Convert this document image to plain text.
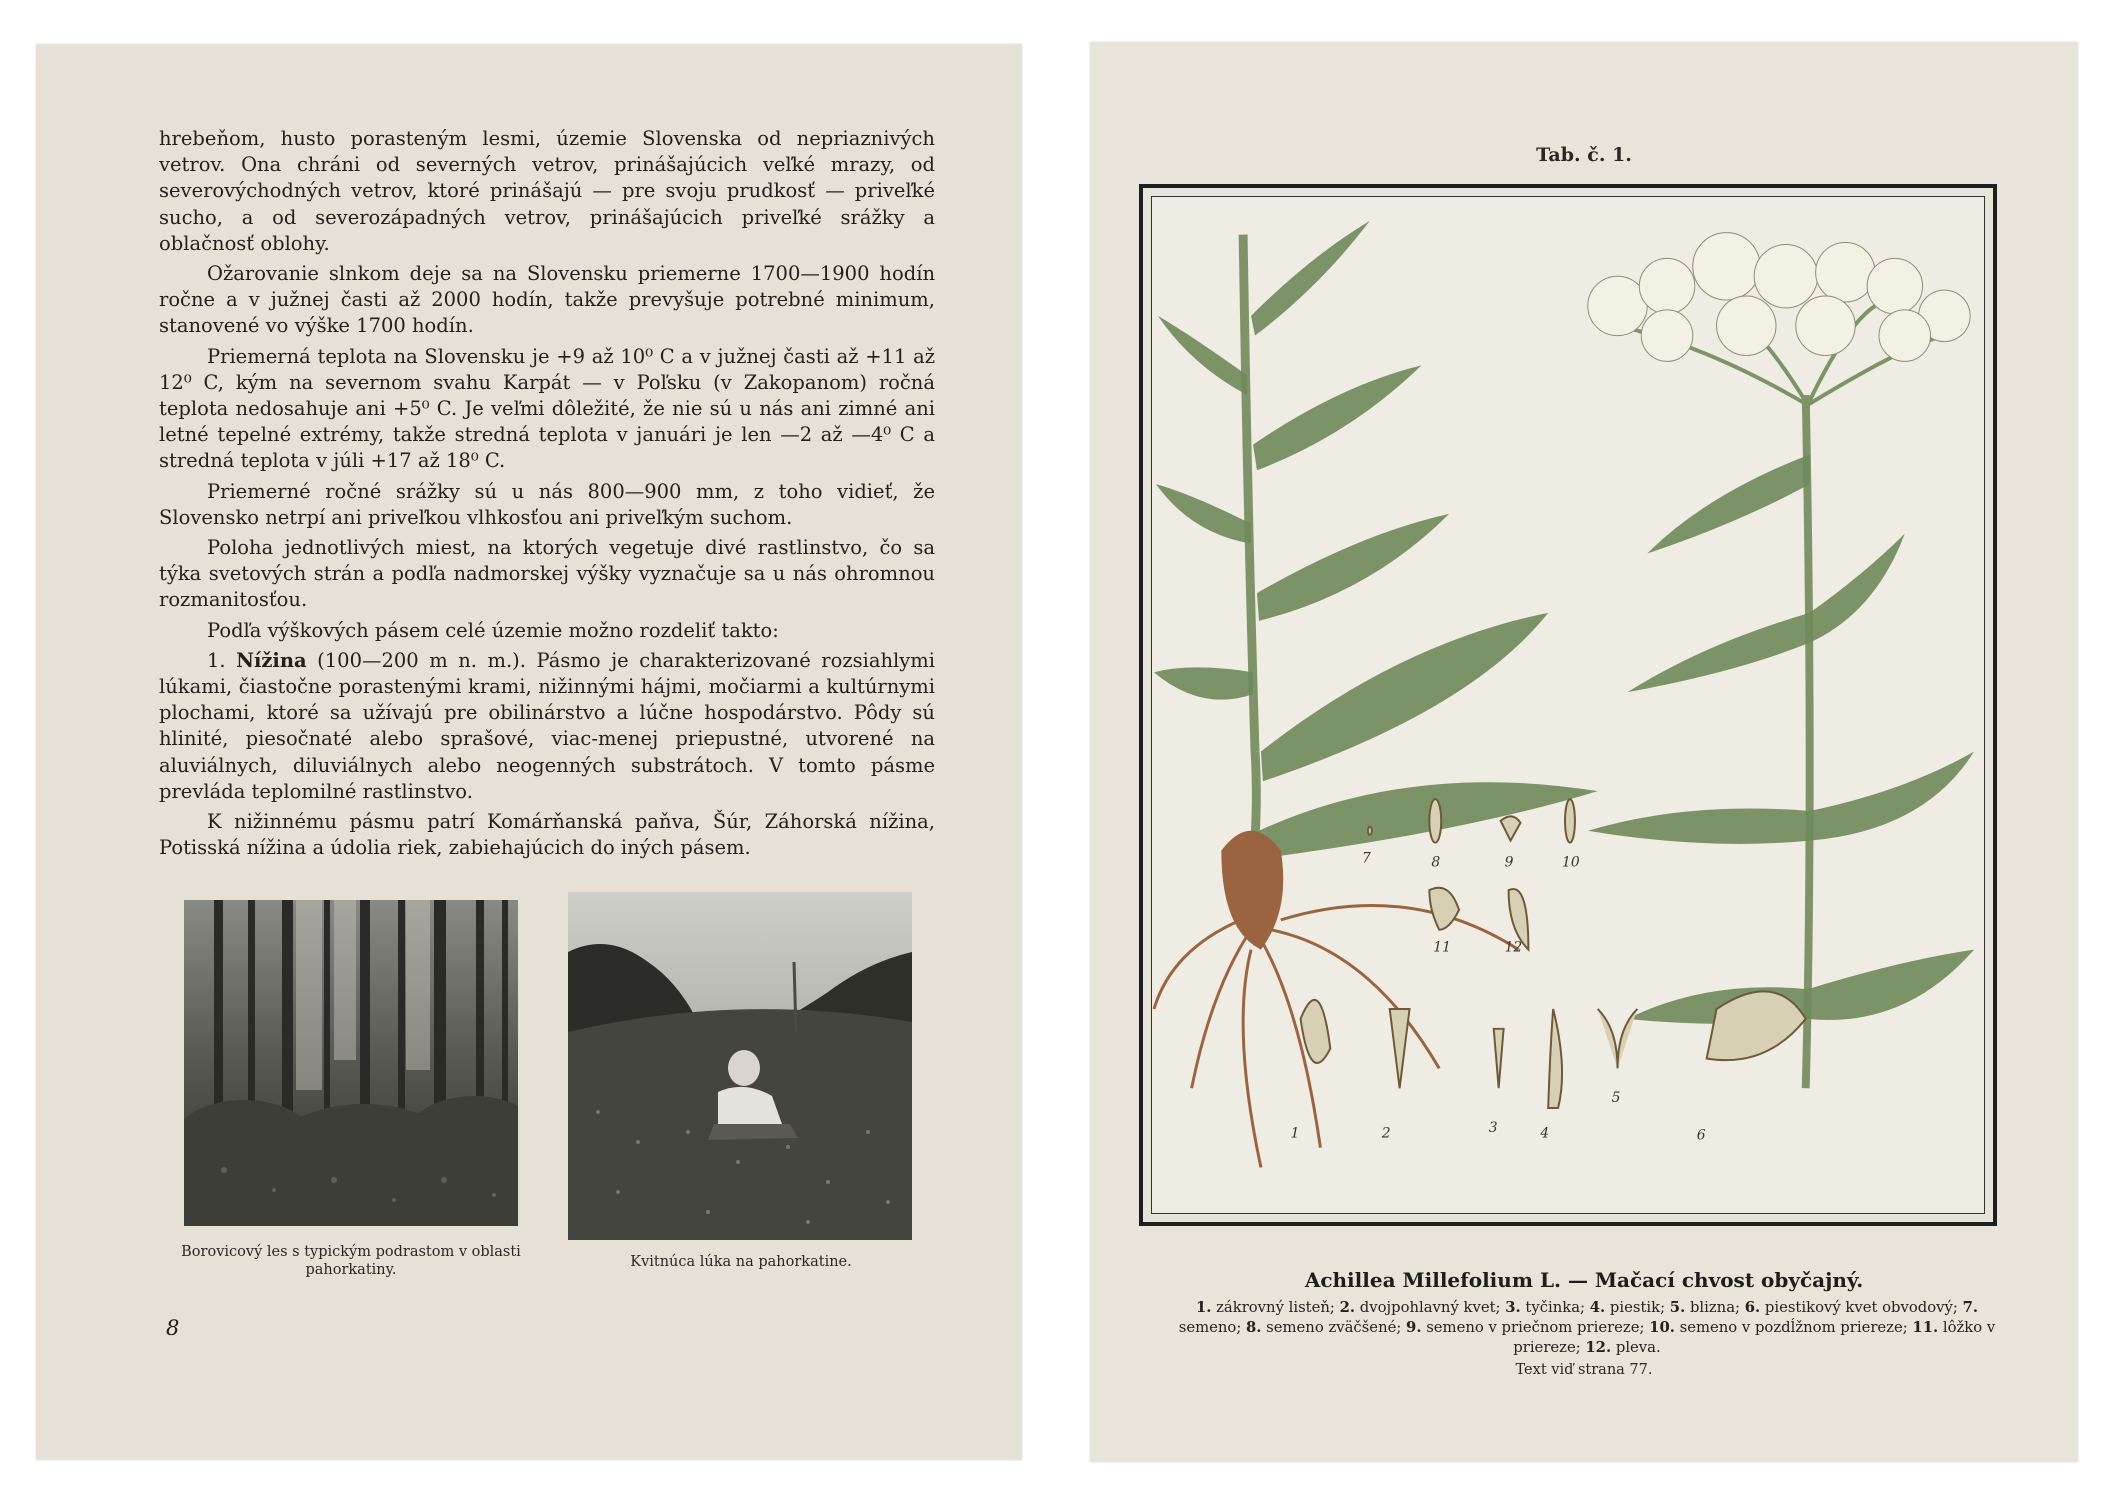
hrebeňom, husto porasteným lesmi, územie Slovenska od nepriaznivých vetrov. Ona chráni od severných vetrov, prinášajúcich veľké mrazy, od severovýchodných vetrov, ktoré prinášajú — pre svoju prudkosť — priveľké sucho, a od severozápadných vetrov, prinášajúcich priveľké srážky a oblačnosť oblohy.

Ožarovanie slnkom deje sa na Slovensku priemerne 1700—1900 hodín ročne a v južnej časti až 2000 hodín, takže prevyšuje potrebné minimum, stanovené vo výške 1700 hodín.

Priemerná teplota na Slovensku je +9 až 10⁰ C a v južnej časti až +11 až 12⁰ C, kým na severnom svahu Karpát — v Poľsku (v Zakopanom) ročná teplota nedosahuje ani +5⁰ C. Je veľmi dôležité, že nie sú u nás ani zimné ani letné tepelné extrémy, takže stredná teplota v januári je len —2 až —4⁰ C a stredná teplota v júli +17 až 18⁰ C.

Priemerné ročné srážky sú u nás 800—900 mm, z toho vidieť, že Slovensko netrpí ani priveľkou vlhkosťou ani priveľkým suchom.

Poloha jednotlivých miest, na ktorých vegetuje divé rastlinstvo, čo sa týka svetových strán a podľa nadmorskej výšky vyznačuje sa u nás ohromnou rozmanitosťou.

Podľa výškových pásem celé územie možno rozdeliť takto:

1. Nížina (100—200 m n. m.). Pásmo je charakterizované rozsiahlymi lúkami, čiastočne porastenými krami, nižinnými hájmi, močiarmi a kultúrnymi plochami, ktoré sa užívajú pre obilinárstvo a lúčne hospodárstvo. Pôdy sú hlinité, piesočnaté alebo sprašové, viac-menej priepustné, utvorené na aluviálnych, diluviálnych alebo neogenných substrátoch. V tomto pásme prevláda teplomilné rastlinstvo.

K nižinnému pásmu patrí Komárňanská paňva, Šúr, Záhorská nížina, Potisská nížina a údolia riek, zabiehajúcich do iných pásem.

Borovicový les s typickým podrastom v oblasti pahorkatiny.	Kvitnúca lúka na pahorkatine.
8
Tab. č. 1.
1	2	3	4
5
6
7	8	9	10
11	12
Achillea Millefolium L. — Mačací chvost obyčajný.
1. zákrovný listeň; 2. dvojpohlavný kvet; 3. tyčinka; 4. piestik; 5. blizna; 6. piestikový kvet obvodový; 7. semeno; 8. semeno zväčšené; 9. semeno v priečnom priereze; 10. semeno v pozdĺžnom priereze; 11. lôžko v priereze; 12. pleva.
Text viď strana 77.
